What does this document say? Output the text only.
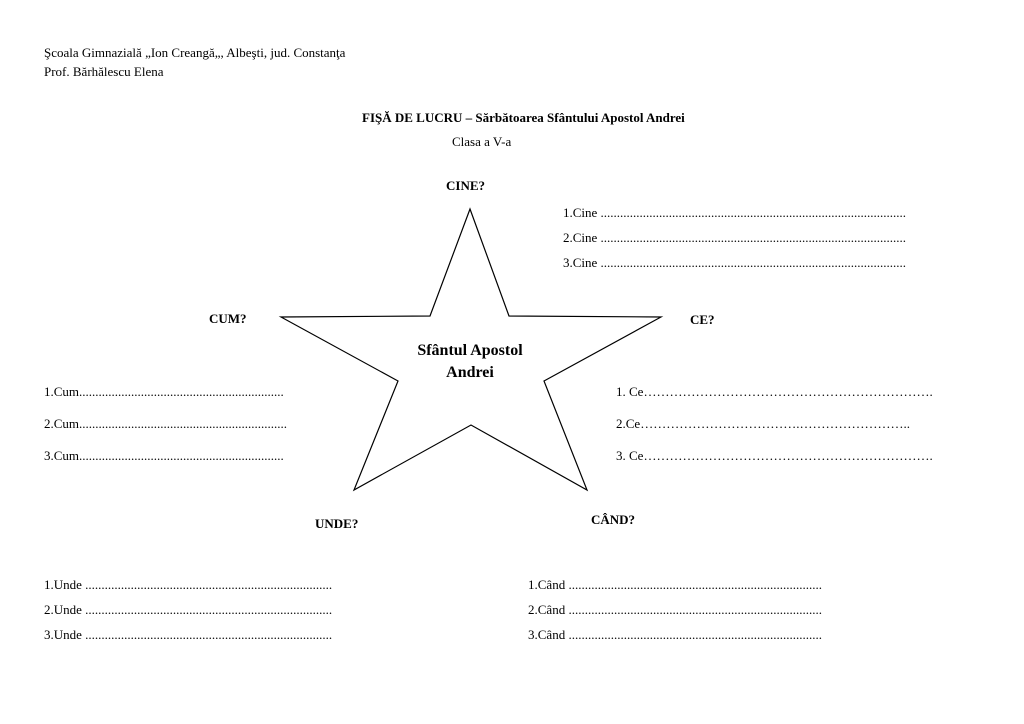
Şcoala Gimnazială „Ion Creangă„, Albeşti, jud. Constanţa
Prof. Bărhălescu Elena
FIŞĂ DE LUCRU – Sărbătoarea Sfântului Apostol Andrei
Clasa a V-a
Sfântul Apostol
Andrei
CINE?
CUM?	CE?
UNDE?	CÂND?
1.Cine ..............................................................................................
2.Cine ..............................................................................................
3.Cine ..............................................................................................
1.Cum...............................................................
2.Cum................................................................
3.Cum...............................................................
1. Ce………………………………………………………….
2.Ce……………………………….……………………..
3. Ce………………………………………………………….
1.Unde ............................................................................
2.Unde ............................................................................
3.Unde ............................................................................
1.Când ..............................................................................
2.Când ..............................................................................
3.Când ..............................................................................
